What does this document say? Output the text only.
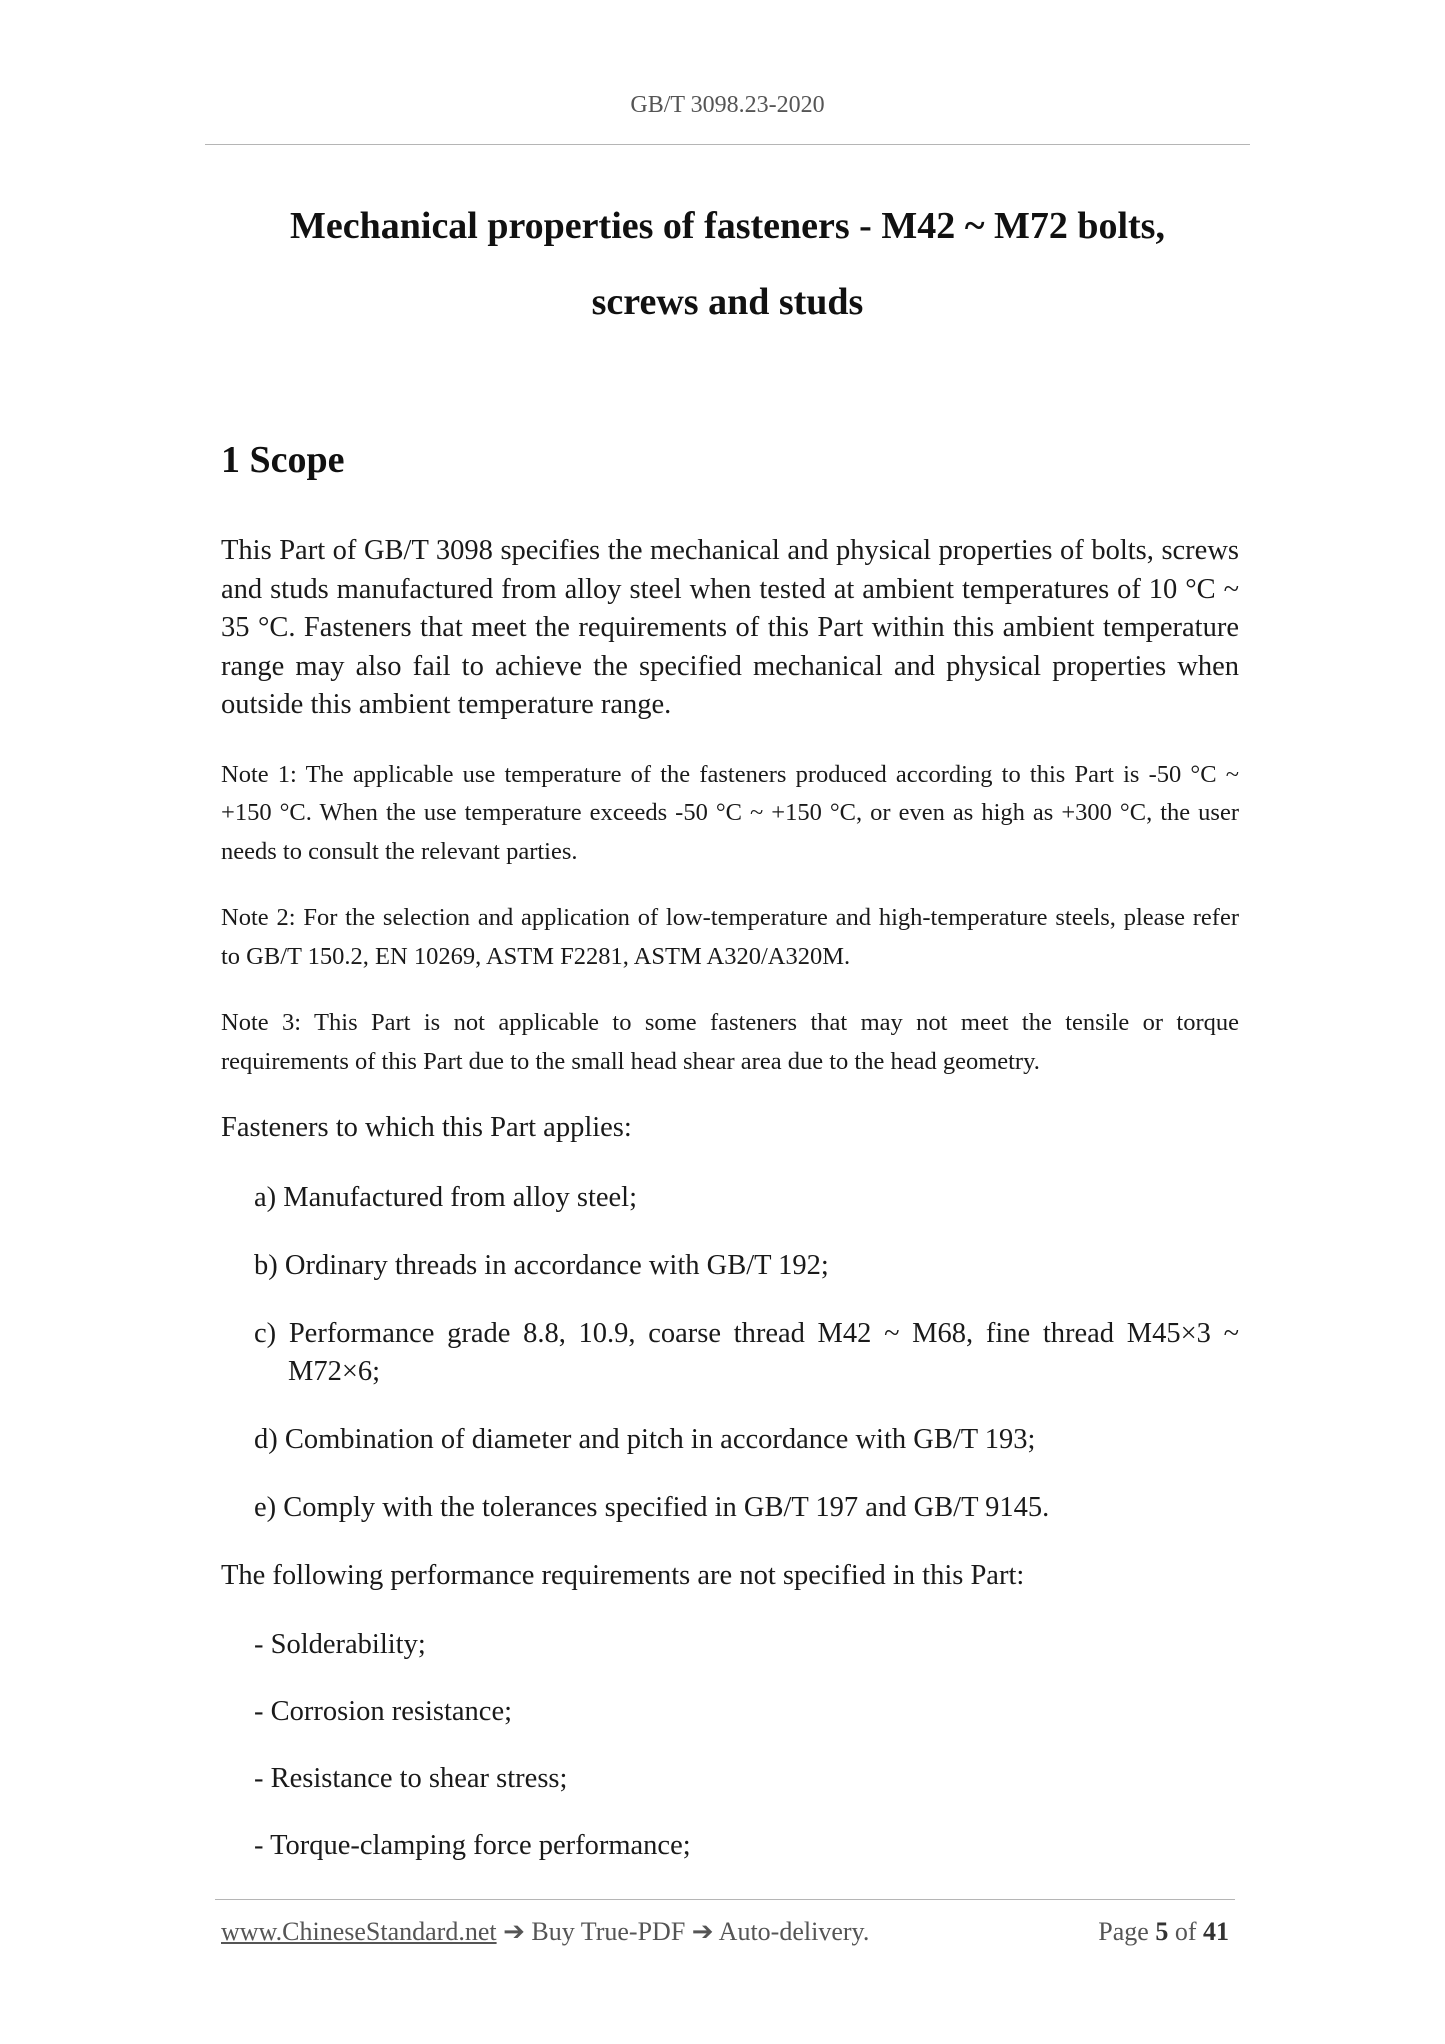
GB/T 3098.23-2020
Mechanical properties of fasteners - M42 ~ M72 bolts,
screws and studs
1 Scope

This Part of GB/T 3098 specifies the mechanical and physical properties of bolts, screws and studs manufactured from alloy steel when tested at ambient temperatures of 10 °C ~ 35 °C. Fasteners that meet the requirements of this Part within this ambient temperature range may also fail to achieve the specified mechanical and physical properties when outside this ambient temperature range.

Note 1: The applicable use temperature of the fasteners produced according to this Part is -50 °C ~ +150 °C. When the use temperature exceeds -50 °C ~ +150 °C, or even as high as +300 °C, the user needs to consult the relevant parties.

Note 2: For the selection and application of low-temperature and high-temperature steels, please refer to GB/T 150.2, EN 10269, ASTM F2281, ASTM A320/A320M.

Note 3: This Part is not applicable to some fasteners that may not meet the tensile or torque requirements of this Part due to the small head shear area due to the head geometry.

Fasteners to which this Part applies:

a) Manufactured from alloy steel;

b) Ordinary threads in accordance with GB/T 192;

c) Performance grade 8.8, 10.9, coarse thread M42 ~ M68, fine thread M45×3 ~ M72×6;

d) Combination of diameter and pitch in accordance with GB/T 193;

e) Comply with the tolerances specified in GB/T 197 and GB/T 9145.

The following performance requirements are not specified in this Part:

- Solderability;

- Corrosion resistance;

- Resistance to shear stress;

- Torque-clamping force performance;

www.ChineseStandard.net ➔ Buy True-PDF ➔ Auto-delivery.	Page 5 of 41
